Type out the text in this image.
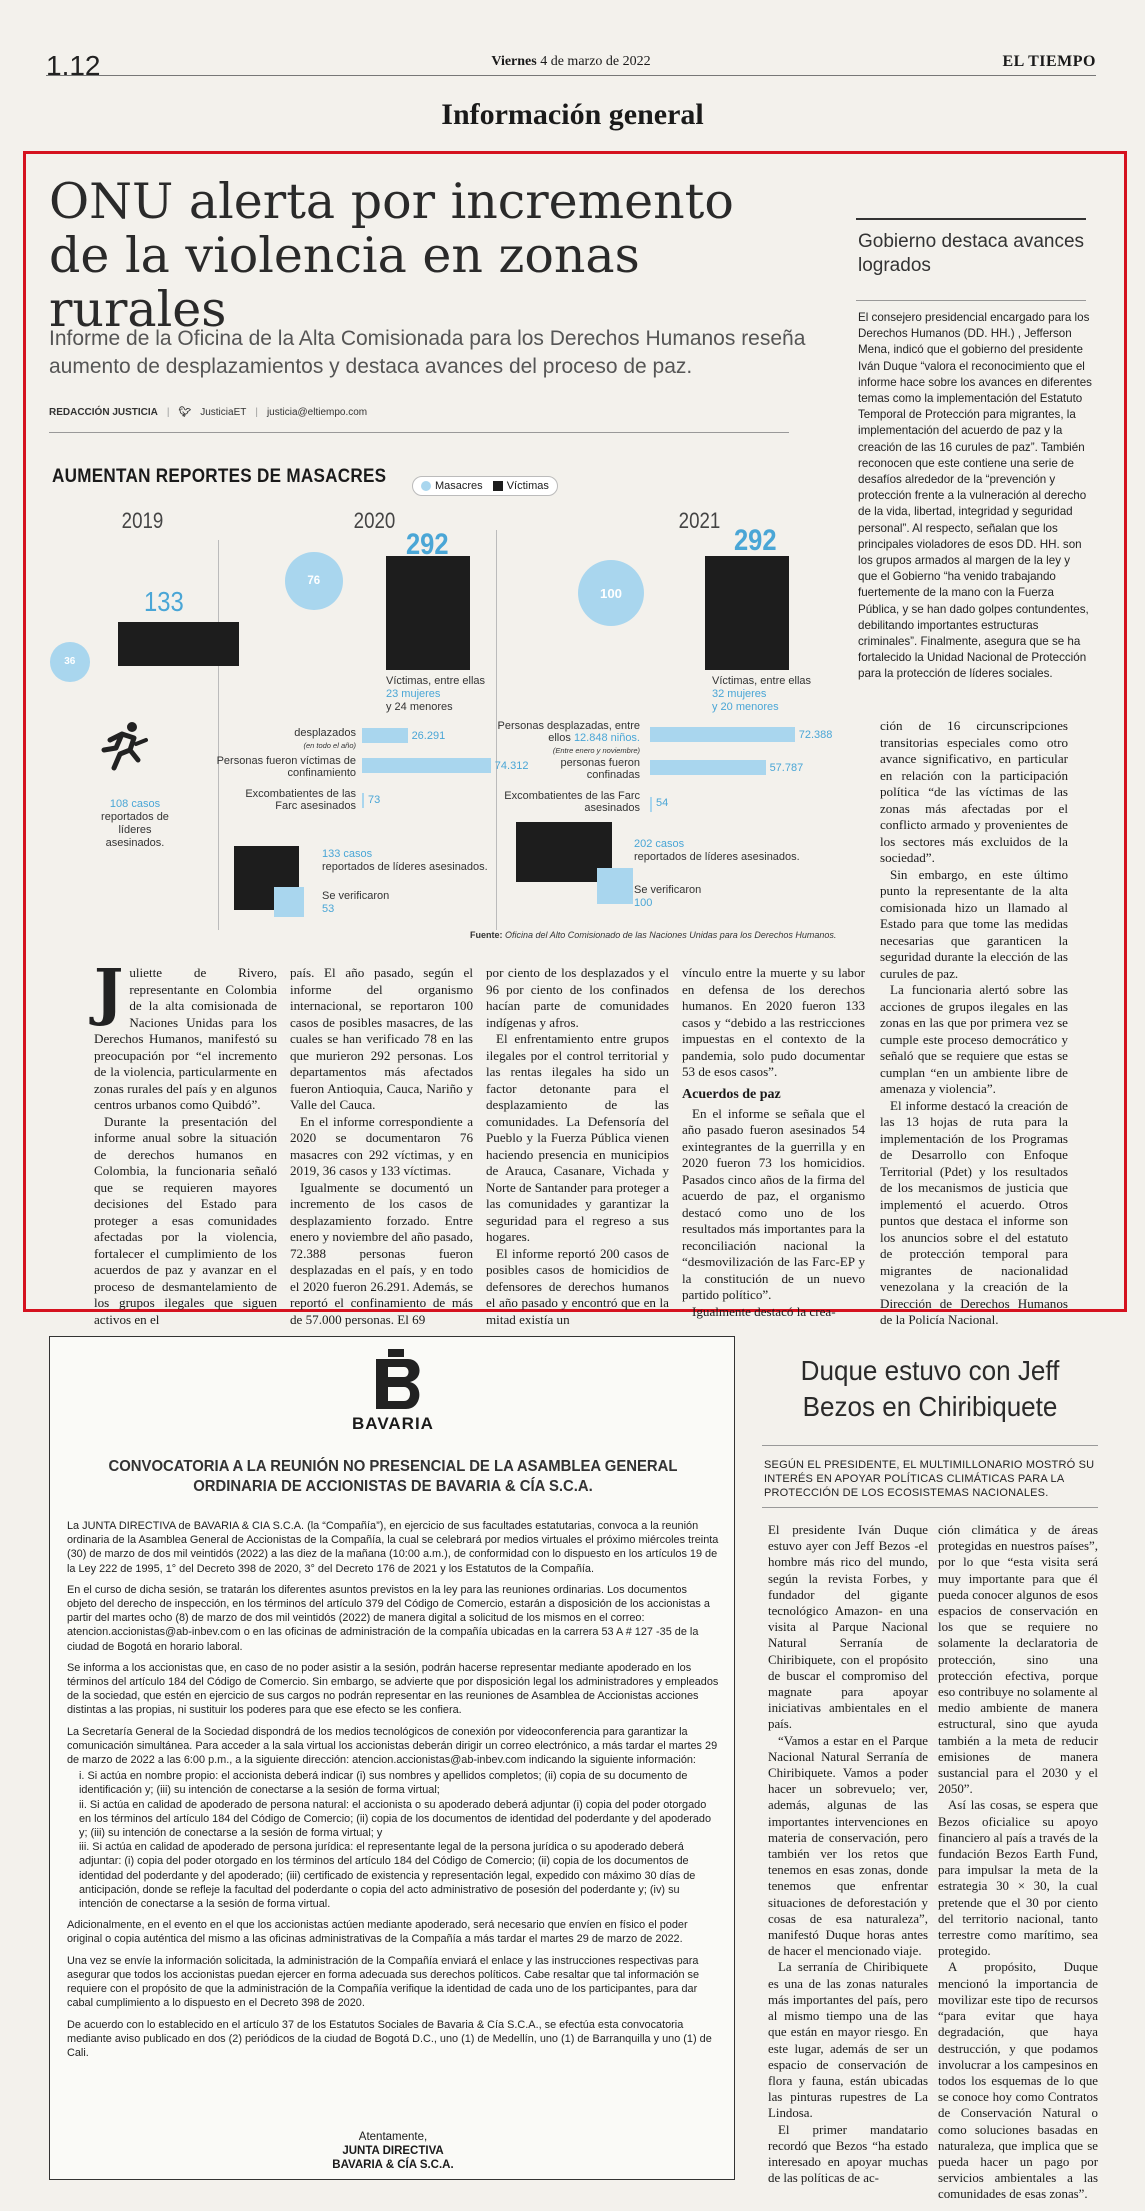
1.12	Viernes 4 de marzo de 2022	EL TIEMPO
Información general
ONU alerta por incremento de la violencia en zonas rurales

Informe de la Oficina de la Alta Comisionada para los Derechos Humanos reseña aumento de desplazamientos y destaca avances del proceso de paz.

REDACCIÓN JUSTICIA | 🐦︎ JusticiaET | justicia@eltiempo.com
Gobierno destaca avances logrados
El consejero presidencial encargado para los Derechos Humanos (DD. HH.) , Jefferson Mena, indicó que el gobierno del presidente Iván Duque “valora el reconocimiento que el informe hace sobre los avances en diferentes temas como la implementación del Estatuto Temporal de Protección para migrantes, la implementación del acuerdo de paz y la creación de las 16 curules de paz”. También reconocen que este contiene una serie de desafíos alrededor de la “prevención y protección frente a la vulneración al derecho de la vida, libertad, integridad y seguridad personal”. Al respecto, señalan que los principales violadores de esos DD. HH. son los grupos armados al margen de la ley y que el Gobierno “ha venido trabajando fuertemente de la mano con la Fuerza Pública, y se han dado golpes contundentes, debilitando importantes estructuras criminales”. Finalmente, asegura que se ha fortalecido la Unidad Nacional de Protección para la protección de líderes sociales.
AUMENTAN REPORTES DE MASACRES	Masacres Víctimas
2019
36
133
108 casos
reportados de líderes asesinados.
2020
76
292
Víctimas, entre ellas 23 mujeres
y 24 menores
desplazados
(en todo el año)
26.291
Personas fueron víctimas de confinamiento
74.312
Excombatientes de las Farc asesinados 73
133 casos
reportados de líderes asesinados.
Se verificaron
53
2021
100
292
Víctimas, entre ellas 32 mujeres
y 20 menores
Personas desplazadas, entre ellos 12.848 niños.
(Entre enero y noviembre)
72.388
personas fueron confinadas
57.787
Excombatientes de las Farc asesinados 54
202 casos
reportados de líderes asesinados.
Se verificaron
100
Fuente: Oficina del Alto Comisionado de las Naciones Unidas para los Derechos Humanos.
J uliette de Rivero, representante en Colombia de la alta comisionada de Naciones Unidas para los Derechos Humanos, manifestó su preocupación por “el incremento de la violencia, particularmente en zonas rurales del país y en algunos centros urbanos como Quibdó”.

Durante la presentación del informe anual sobre la situación de derechos humanos en Colombia, la funcionaria señaló que se requieren mayores decisiones del Estado para proteger a esas comunidades afectadas por la violencia, fortalecer el cumplimiento de los acuerdos de paz y avanzar en el proceso de desmantelamiento de los grupos ilegales que siguen activos en el

país. El año pasado, según el informe del organismo internacional, se reportaron 100 casos de posibles masacres, de las cuales se han verificado 78 en las que murieron 292 personas. Los departamentos más afectados fueron Antioquia, Cauca, Nariño y Valle del Cauca.

En el informe correspondiente a 2020 se documentaron 76 masacres con 292 víctimas, y en 2019, 36 casos y 133 víctimas.

Igualmente se documentó un incremento de los casos de desplazamiento forzado. Entre enero y noviembre del año pasado, 72.388 personas fueron desplazadas en el país, y en todo el 2020 fueron 26.291. Además, se reportó el confinamiento de más de 57.000 personas. El 69

por ciento de los desplazados y el 96 por ciento de los confinados hacían parte de comunidades indígenas y afros.

El enfrentamiento entre grupos ilegales por el control territorial y las rentas ilegales ha sido un factor detonante para el desplazamiento de las comunidades. La Defensoría del Pueblo y la Fuerza Pública vienen haciendo presencia en municipios de Arauca, Casanare, Vichada y Norte de Santander para proteger a las comunidades y garantizar la seguridad para el regreso a sus hogares.

El informe reportó 200 casos de posibles casos de homicidios de defensores de derechos humanos el año pasado y encontró que en la mitad existía un

vínculo entre la muerte y su labor en defensa de los derechos humanos. En 2020 fueron 133 casos y “debido a las restricciones impuestas en el contexto de la pandemia, solo pudo documentar 53 de esos casos”.

Acuerdos de paz

En el informe se señala que el año pasado fueron asesinados 54 exintegrantes de la guerrilla y en 2020 fueron 73 los homicidios. Pasados cinco años de la firma del acuerdo de paz, el organismo destacó como uno de los resultados más importantes para la reconciliación nacional la “desmovilización de las Farc-EP y la constitución de un nuevo partido político”.

Igualmente destacó la crea-

ción de 16 circunscripciones transitorias especiales como otro avance significativo, en particular en relación con la participación política “de las víctimas de las zonas más afectadas por el conflicto armado y provenientes de los sectores más excluidos de la sociedad”.

Sin embargo, en este último punto la representante de la alta comisionada hizo un llamado al Estado para que tome las medidas necesarias que garanticen la seguridad durante la elección de las curules de paz.

La funcionaria alertó sobre las acciones de grupos ilegales en las zonas en las que por primera vez se cumple este proceso democrático y señaló que se requiere que estas se cumplan “en un ambiente libre de amenaza y violencia”.

El informe destacó la creación de las 13 hojas de ruta para la implementación de los Programas de Desarrollo con Enfoque Territorial (Pdet) y los resultados de los mecanismos de justicia que implementó el acuerdo. Otros puntos que destaca el informe son los anuncios sobre el del estatuto de protección temporal para migrantes de nacionalidad venezolana y la creación de la Dirección de Derechos Humanos de la Policía Nacional.

BAVARIA
CONVOCATORIA A LA REUNIÓN NO PRESENCIAL DE LA ASAMBLEA GENERAL ORDINARIA DE ACCIONISTAS DE BAVARIA & CÍA S.C.A.

La JUNTA DIRECTIVA de BAVARIA & CIA S.C.A. (la “Compañía”), en ejercicio de sus facultades estatutarias, convoca a la reunión ordinaria de la Asamblea General de Accionistas de la Compañía, la cual se celebrará por medios virtuales el próximo miércoles treinta (30) de marzo de dos mil veintidós (2022) a las diez de la mañana (10:00 a.m.), de conformidad con lo dispuesto en los artículos 19 de la Ley 222 de 1995, 1° del Decreto 398 de 2020, 3° del Decreto 176 de 2021 y los Estatutos de la Compañía.

En el curso de dicha sesión, se tratarán los diferentes asuntos previstos en la ley para las reuniones ordinarias. Los documentos objeto del derecho de inspección, en los términos del artículo 379 del Código de Comercio, estarán a disposición de los accionistas a partir del martes ocho (8) de marzo de dos mil veintidós (2022) de manera digital a solicitud de los mismos en el correo: atencion.accionistas@ab-inbev.com o en las oficinas de administración de la compañía ubicadas en la carrera 53 A # 127 -35 de la ciudad de Bogotá en horario laboral.

Se informa a los accionistas que, en caso de no poder asistir a la sesión, podrán hacerse representar mediante apoderado en los términos del artículo 184 del Código de Comercio. Sin embargo, se advierte que por disposición legal los administradores y empleados de la sociedad, que estén en ejercicio de sus cargos no podrán representar en las reuniones de Asamblea de Accionistas acciones distintas a las propias, ni sustituir los poderes para que ese efecto se les confiera.

La Secretaría General de la Sociedad dispondrá de los medios tecnológicos de conexión por videoconferencia para garantizar la comunicación simultánea. Para acceder a la sala virtual los accionistas deberán dirigir un correo electrónico, a más tardar el martes 29 de marzo de 2022 a las 6:00 p.m., a la siguiente dirección: atencion.accionistas@ab-inbev.com indicando la siguiente información:

i. Si actúa en nombre propio: el accionista deberá indicar (i) sus nombres y apellidos completos; (ii) copia de su documento de identificación y; (iii) su intención de conectarse a la sesión de forma virtual;

ii. Si actúa en calidad de apoderado de persona natural: el accionista o su apoderado deberá adjuntar (i) copia del poder otorgado en los términos del artículo 184 del Código de Comercio; (ii) copia de los documentos de identidad del poderdante y del apoderado y; (iii) su intención de conectarse a la sesión de forma virtual; y

iii. Si actúa en calidad de apoderado de persona jurídica: el representante legal de la persona jurídica o su apoderado deberá adjuntar: (i) copia del poder otorgado en los términos del artículo 184 del Código de Comercio; (ii) copia de los documentos de identidad del poderdante y del apoderado; (iii) certificado de existencia y representación legal, expedido con máximo 30 días de anticipación, donde se refleje la facultad del poderdante o copia del acto administrativo de posesión del poderdante y; (iv) su intención de conectarse a la sesión de forma virtual.

Adicionalmente, en el evento en el que los accionistas actúen mediante apoderado, será necesario que envíen en físico el poder original o copia auténtica del mismo a las oficinas administrativas de la Compañía a más tardar el martes 29 de marzo de 2022.

Una vez se envíe la información solicitada, la administración de la Compañía enviará el enlace y las instrucciones respectivas para asegurar que todos los accionistas puedan ejercer en forma adecuada sus derechos políticos. Cabe resaltar que tal información se requiere con el propósito de que la administración de la Compañía verifique la identidad de cada uno de los participantes, para dar cabal cumplimiento a lo dispuesto en el Decreto 398 de 2020.

De acuerdo con lo establecido en el artículo 37 de los Estatutos Sociales de Bavaria & Cía S.C.A., se efectúa esta convocatoria mediante aviso publicado en dos (2) periódicos de la ciudad de Bogotá D.C., uno (1) de Medellín, uno (1) de Barranquilla y uno (1) de Cali.

Atentamente,
JUNTA DIRECTIVA
BAVARIA & CÍA S.C.A.
Duque estuvo con Jeff Bezos en Chiribiquete
SEGÚN EL PRESIDENTE, EL MULTIMILLONARIO MOSTRÓ SU INTERÉS EN APOYAR POLÍTICAS CLIMÁTICAS PARA LA PROTECCIÓN DE LOS ECOSISTEMAS NACIONALES.

El presidente Iván Duque estuvo ayer con Jeff Bezos -el hombre más rico del mundo, según la revista Forbes, y fundador del gigante tecnológico Amazon- en una visita al Parque Nacional Natural Serranía de Chiribiquete, con el propósito de buscar el compromiso del magnate para apoyar iniciativas ambientales en el país.

“Vamos a estar en el Parque Nacional Natural Serranía de Chiribiquete. Vamos a poder hacer un sobrevuelo; ver, además, algunas de las importantes intervenciones en materia de conservación, pero también ver los retos que tenemos en esas zonas, donde tenemos que enfrentar situaciones de deforestación y cosas de esa naturaleza”, manifestó Duque horas antes de hacer el mencionado viaje.

La serranía de Chiribiquete es una de las zonas naturales más importantes del país, pero al mismo tiempo una de las que están en mayor riesgo. En este lugar, además de ser un espacio de conservación de flora y fauna, están ubicadas las pinturas rupestres de La Lindosa.

El primer mandatario recordó que Bezos “ha estado interesado en apoyar muchas de las políticas de ac-

ción climática y de áreas protegidas en nuestros países”, por lo que “esta visita será muy importante para que él pueda conocer algunos de esos espacios de conservación en los que se requiere no solamente la declaratoria de protección, sino una protección efectiva, porque eso contribuye no solamente al medio ambiente de manera estructural, sino que ayuda también a la meta de reducir emisiones de manera sustancial para el 2030 y el 2050”.

Así las cosas, se espera que Bezos oficialice su apoyo financiero al país a través de la fundación Bezos Earth Fund, para impulsar la meta de la estrategia 30 × 30, la cual pretende que el 30 por ciento del territorio nacional, tanto terrestre como marítimo, sea protegido.

A propósito, Duque mencionó la importancia de movilizar este tipo de recursos “para evitar que haya degradación, que haya destrucción, y que podamos involucrar a los campesinos en todos los esquemas de lo que se conoce hoy como Contratos de Conservación Natural o como soluciones basadas en naturaleza, que implica que se pueda hacer un pago por servicios ambientales a las comunidades de esas zonas”.
